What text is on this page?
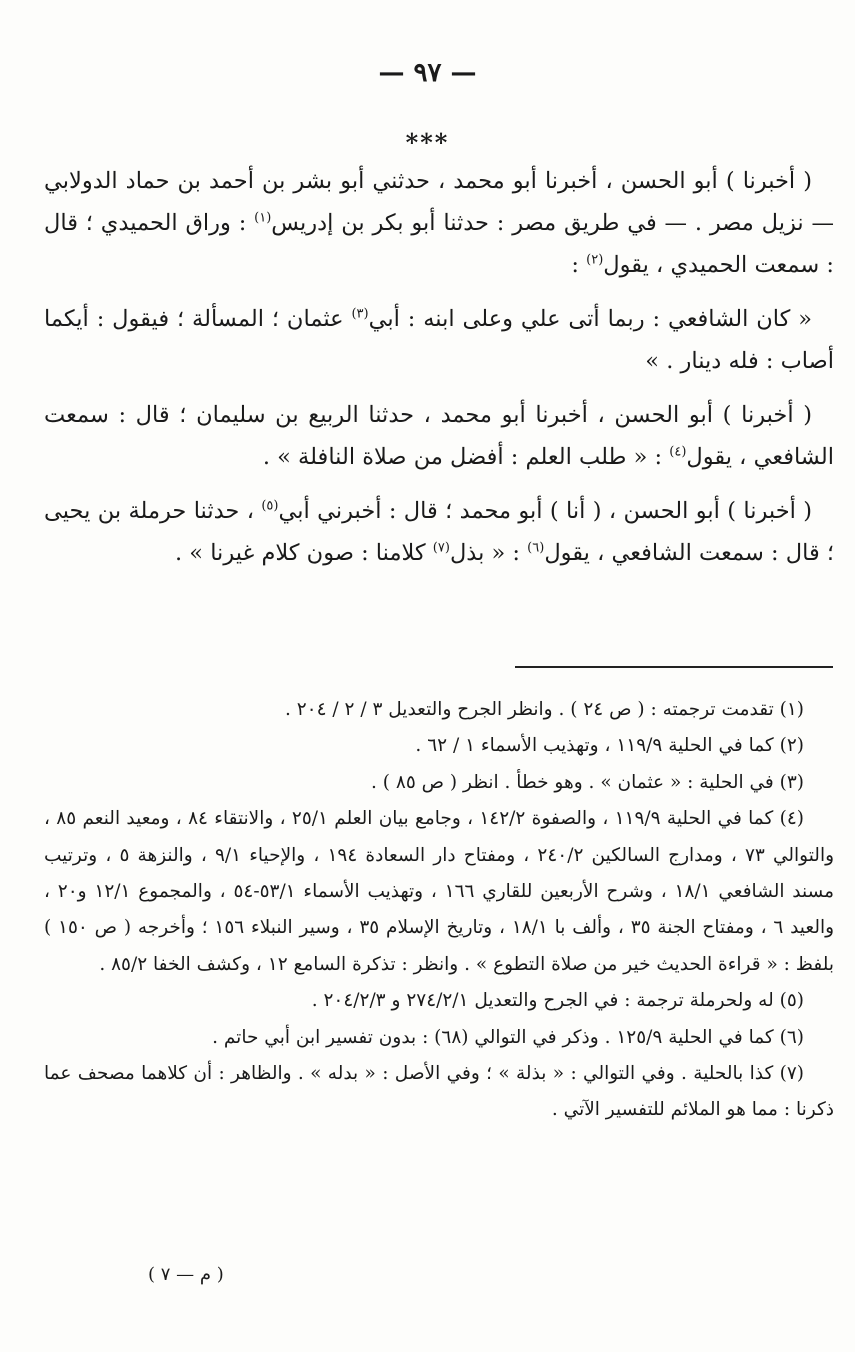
— ٩٧ —
***

( أخبرنا ) أبو الحسن ، أخبرنا أبو محمد ، حدثني أبو بشر بن أحمد بن حماد الدولابي — نزيل مصر . — في طريق مصر : حدثنا أبو بكر بن إدريس$^{(١)}$ : وراق الحميدي ؛ قال : سمعت الحميدي ، يقول$^{(٢)}$ :

« كان الشافعي : ربما أتى علي وعلى ابنه : أبي$^{(٣)}$ عثمان ؛ المسألة ؛ فيقول : أيكما أصاب : فله دينار . »

( أخبرنا ) أبو الحسن ، أخبرنا أبو محمد ، حدثنا الربيع بن سليمان ؛ قال : سمعت الشافعي ، يقول$^{(٤)}$ : « طلب العلم : أفضل من صلاة النافلة » .

( أخبرنا ) أبو الحسن ، ( أنا ) أبو محمد ؛ قال : أخبرني أبي$^{(٥)}$ ، حدثنا حرملة بن يحيى ؛ قال : سمعت الشافعي ، يقول$^{(٦)}$ : « بذل$^{(٧)}$ كلامنا : صون كلام غيرنا » .

(١) تقدمت ترجمته : ( ص ٢٤ ) . وانظر الجرح والتعديل ٣ / ٢ / ٢٠٤ .

(٢) كما في الحلية ١١٩/٩ ، وتهذيب الأسماء ١ / ٦٢ .

(٣) في الحلية : « عثمان » . وهو خطأ . انظر ( ص ٨٥ ) .

(٤) كما في الحلية ١١٩/٩ ، والصفوة ١٤٢/٢ ، وجامع بيان العلم ٢٥/١ ، والانتقاء ٨٤ ، ومعيد النعم ٨٥ ، والتوالي ٧٣ ، ومدارج السالكين ٢٤٠/٢ ، ومفتاح دار السعادة ١٩٤ ، والإحياء ٩/١ ، والنزهة ٥ ، وترتيب مسند الشافعي ١٨/١ ، وشرح الأربعين للقاري ١٦٦ ، وتهذيب الأسماء ٥٣/١-٥٤ ، والمجموع ١٢/١ و٢٠ ، والعيد ٦ ، ومفتاح الجنة ٣٥ ، وألف با ١٨/١ ، وتاريخ الإسلام ٣٥ ، وسير النبلاء ١٥٦ ؛ وأخرجه ( ص ١٥٠ ) بلفظ : « قراءة الحديث خير من صلاة التطوع » . وانظر : تذكرة السامع ١٢ ، وكشف الخفا ٨٥/٢ .

(٥) له ولحرملة ترجمة : في الجرح والتعديل ٢٧٤/٢/١ و ٢٠٤/٢/٣ .

(٦) كما في الحلية ١٢٥/٩ . وذكر في التوالي (٦٨) : بدون تفسير ابن أبي حاتم .

(٧) كذا بالحلية . وفي التوالي : « بذلة » ؛ وفي الأصل : « بدله » . والظاهر : أن كلاهما مصحف عما ذكرنا : مما هو الملائم للتفسير الآتي .

( م — ٧ )
